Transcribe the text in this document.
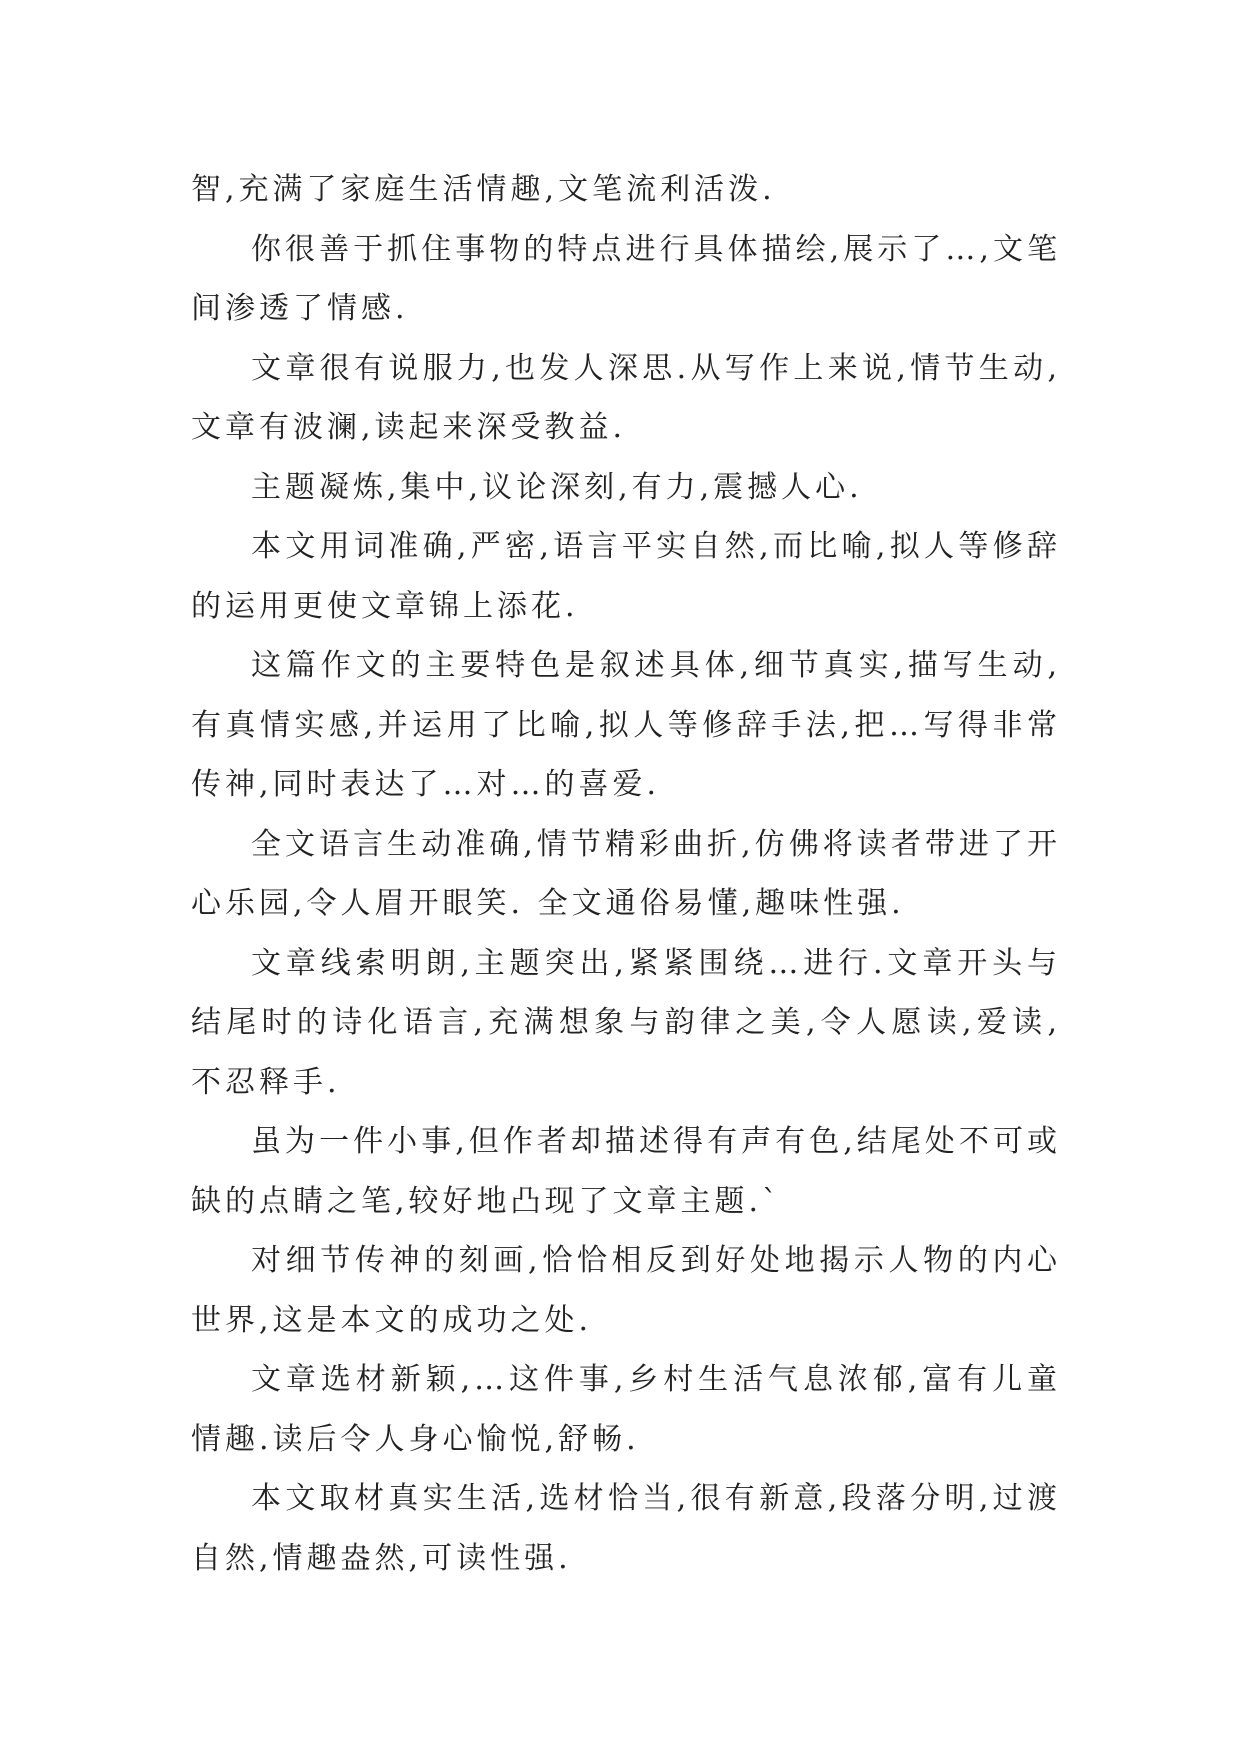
智,充满了家庭生活情趣,文笔流利活泼.

你很善于抓住事物的特点进行具体描绘,展示了…,文笔间渗透了情感.

文章很有说服力,也发人深思.从写作上来说,情节生动,文章有波澜,读起来深受教益.

主题凝炼,集中,议论深刻,有力,震撼人心.

本文用词准确,严密,语言平实自然,而比喻,拟人等修辞的运用更使文章锦上添花.

这篇作文的主要特色是叙述具体,细节真实,描写生动,有真情实感,并运用了比喻,拟人等修辞手法,把…写得非常传神,同时表达了…对…的喜爱.

全文语言生动准确,情节精彩曲折,仿佛将读者带进了开心乐园,令人眉开眼笑. 全文通俗易懂,趣味性强.

文章线索明朗,主题突出,紧紧围绕…进行.文章开头与结尾时的诗化语言,充满想象与韵律之美,令人愿读,爱读,不忍释手.

虽为一件小事,但作者却描述得有声有色,结尾处不可或缺的点睛之笔,较好地凸现了文章主题.`

对细节传神的刻画,恰恰相反到好处地揭示人物的内心世界,这是本文的成功之处.

文章选材新颖,…这件事,乡村生活气息浓郁,富有儿童情趣.读后令人身心愉悦,舒畅.

本文取材真实生活,选材恰当,很有新意,段落分明,过渡自然,情趣盎然,可读性强.
